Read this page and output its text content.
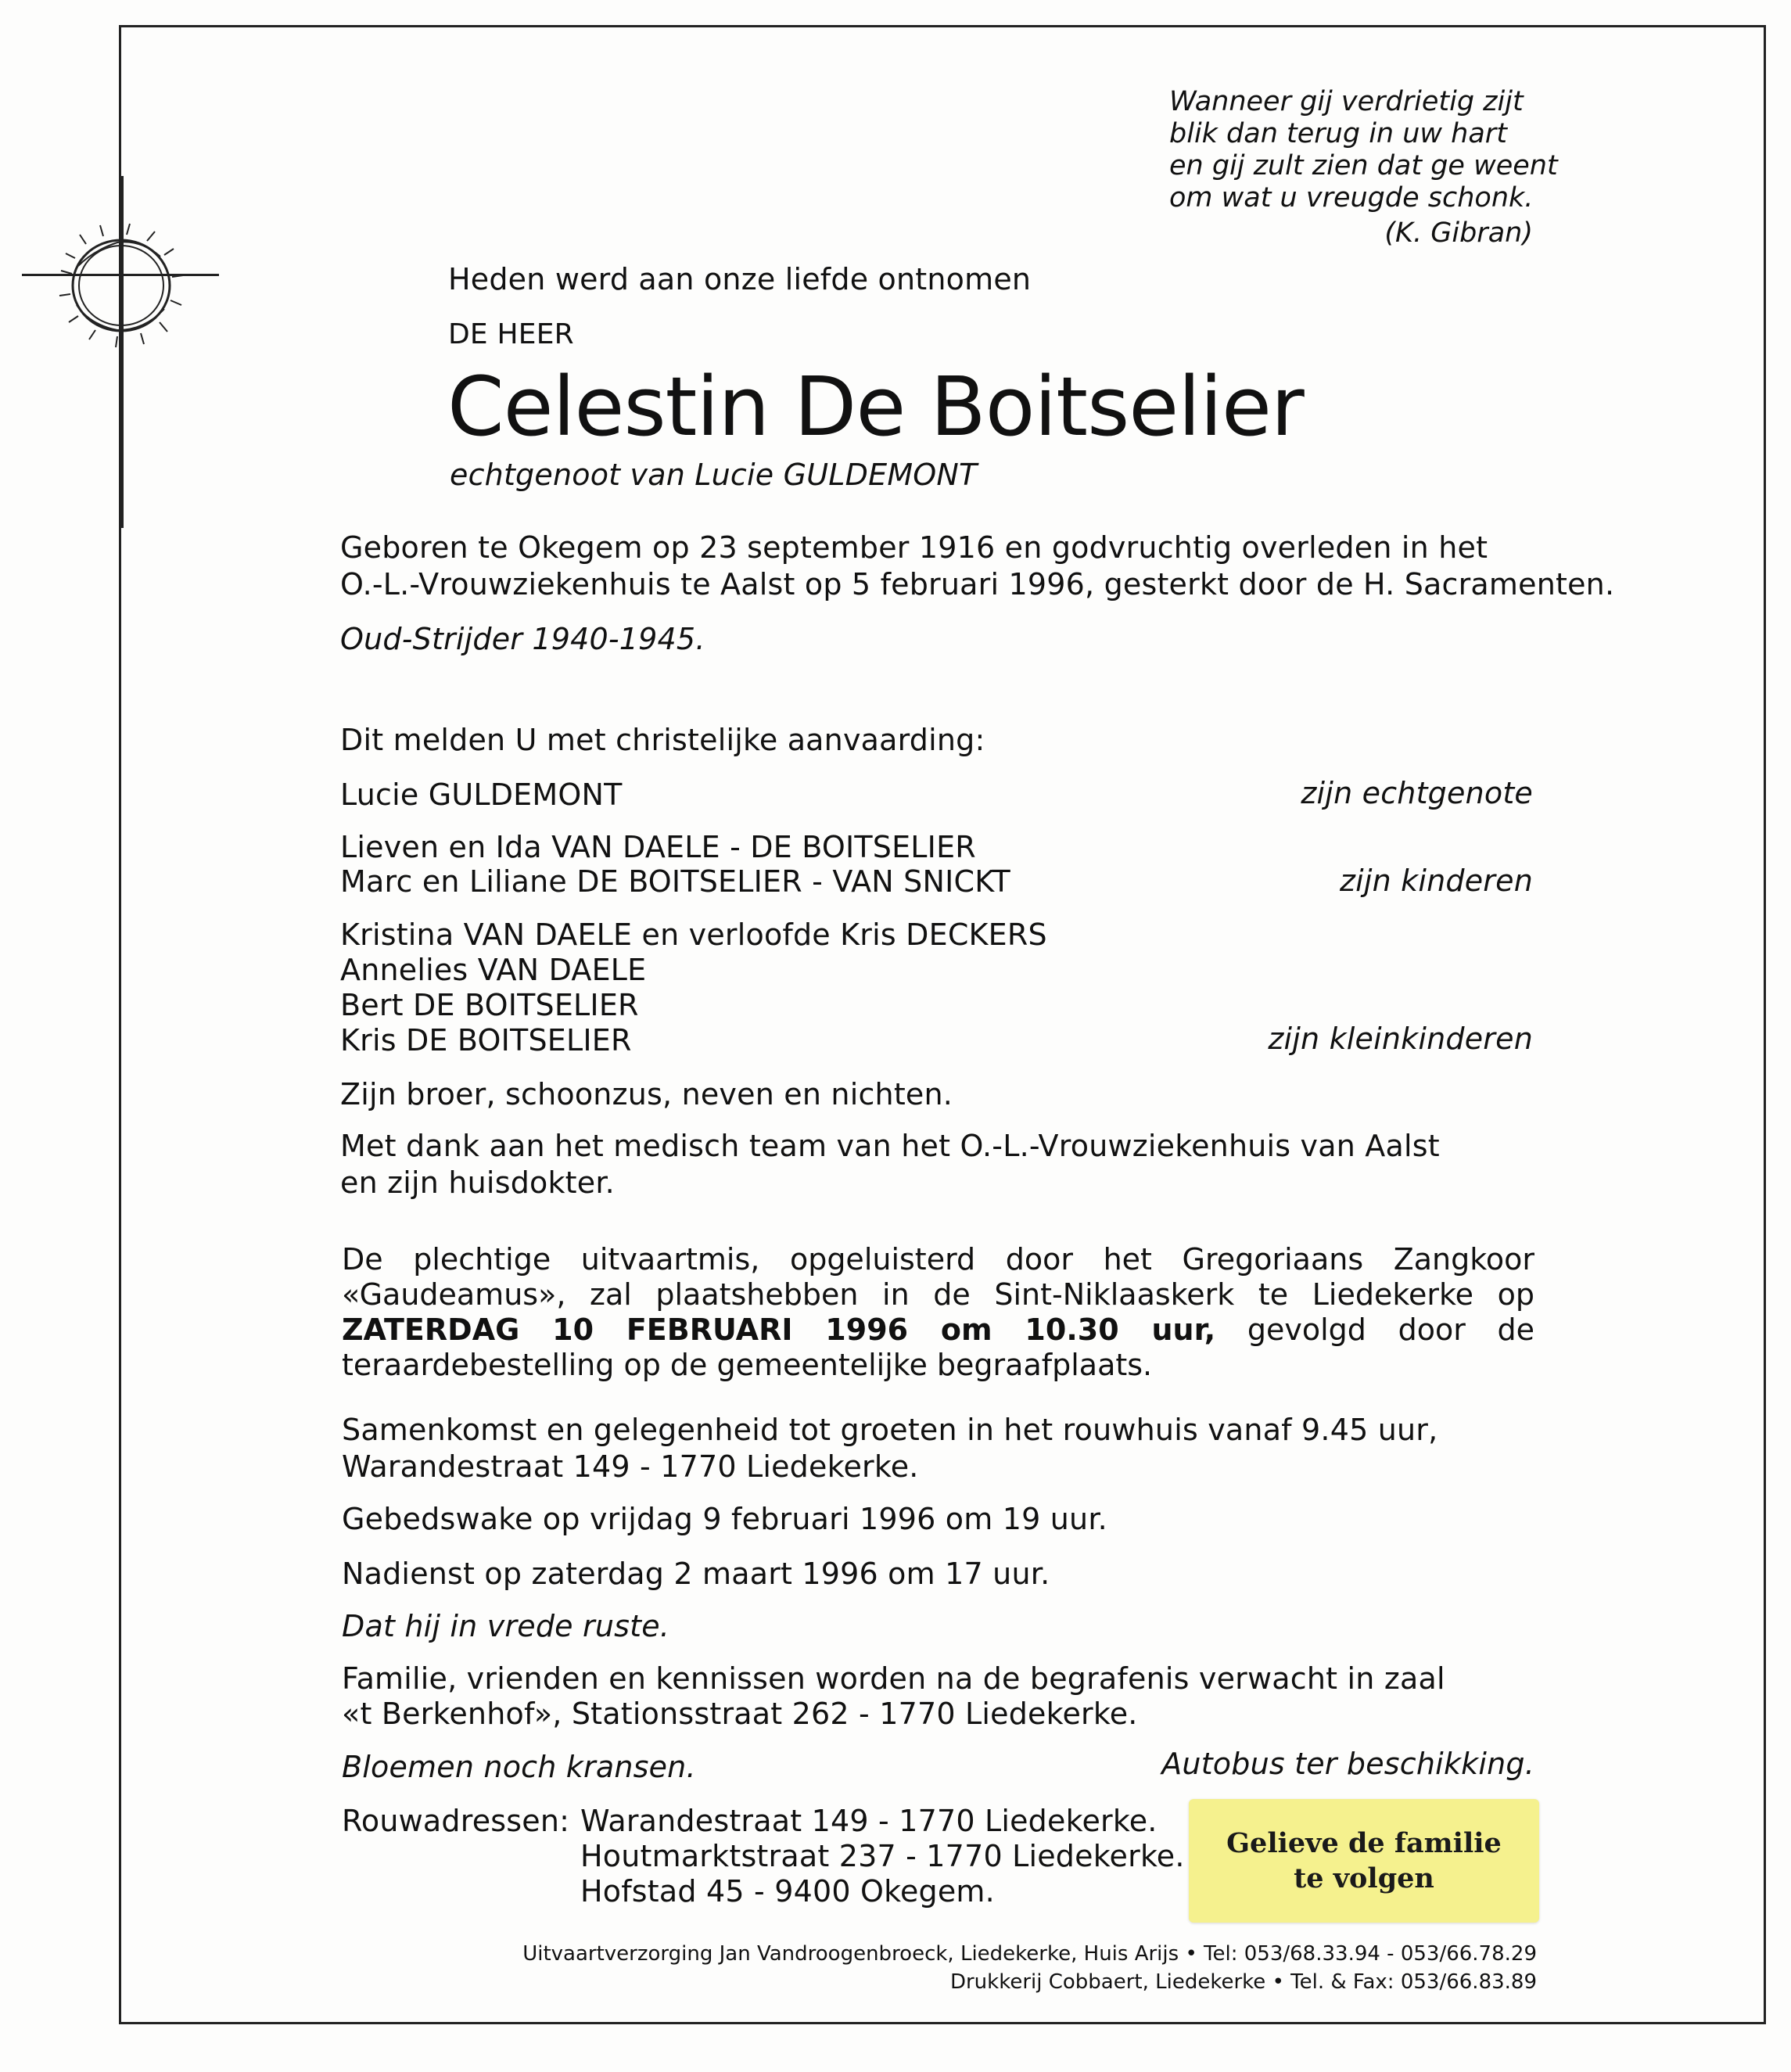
Wanneer gij verdrietig zijt
blik dan terug in uw hart
en gij zult zien dat ge weent
om wat u vreugde schonk.
(K. Gibran)
Heden werd aan onze liefde ontnomen
DE HEER
Celestin De Boitselier
echtgenoot van Lucie GULDEMONT
Geboren te Okegem op 23 september 1916 en godvruchtig overleden in het
O.-L.-Vrouwziekenhuis te Aalst op 5 februari 1996, gesterkt door de H. Sacramenten.
Oud-Strijder 1940-1945.
Dit melden U met christelijke aanvaarding:
Lucie GULDEMONT	zijn echtgenote
Lieven en Ida VAN DAELE - DE BOITSELIER
Marc en Liliane DE BOITSELIER - VAN SNICKT	zijn kinderen
Kristina VAN DAELE en verloofde Kris DECKERS
Annelies VAN DAELE
Bert DE BOITSELIER
Kris DE BOITSELIER	zijn kleinkinderen
Zijn broer, schoonzus, neven en nichten.
Met dank aan het medisch team van het O.-L.-Vrouwziekenhuis van Aalst
en zijn huisdokter.
De plechtige uitvaartmis, opgeluisterd door het Gregoriaans Zangkoor «Gaudeamus», zal plaatshebben in de Sint-Niklaaskerk te Liedekerke op ZATERDAG 10 FEBRUARI 1996 om 10.30 uur, gevolgd door de teraardebestelling op de gemeentelijke begraafplaats.
Samenkomst en gelegenheid tot groeten in het rouwhuis vanaf 9.45 uur,
Warandestraat 149 - 1770 Liedekerke.
Gebedswake op vrijdag 9 februari 1996 om 19 uur.
Nadienst op zaterdag 2 maart 1996 om 17 uur.
Dat hij in vrede ruste.
Familie, vrienden en kennissen worden na de begrafenis verwacht in zaal
«t Berkenhof», Stationsstraat 262 - 1770 Liedekerke.
Bloemen noch kransen.	Autobus ter beschikking.
Rouwadressen: Warandestraat 149 - 1770 Liedekerke.
Houtmarktstraat 237 - 1770 Liedekerke.
Hofstad 45 - 9400 Okegem.
Gelieve de familie
te volgen
Uitvaartverzorging Jan Vandroogenbroeck, Liedekerke, Huis Arijs • Tel: 053/68.33.94 - 053/66.78.29
Drukkerij Cobbaert, Liedekerke • Tel. & Fax: 053/66.83.89
